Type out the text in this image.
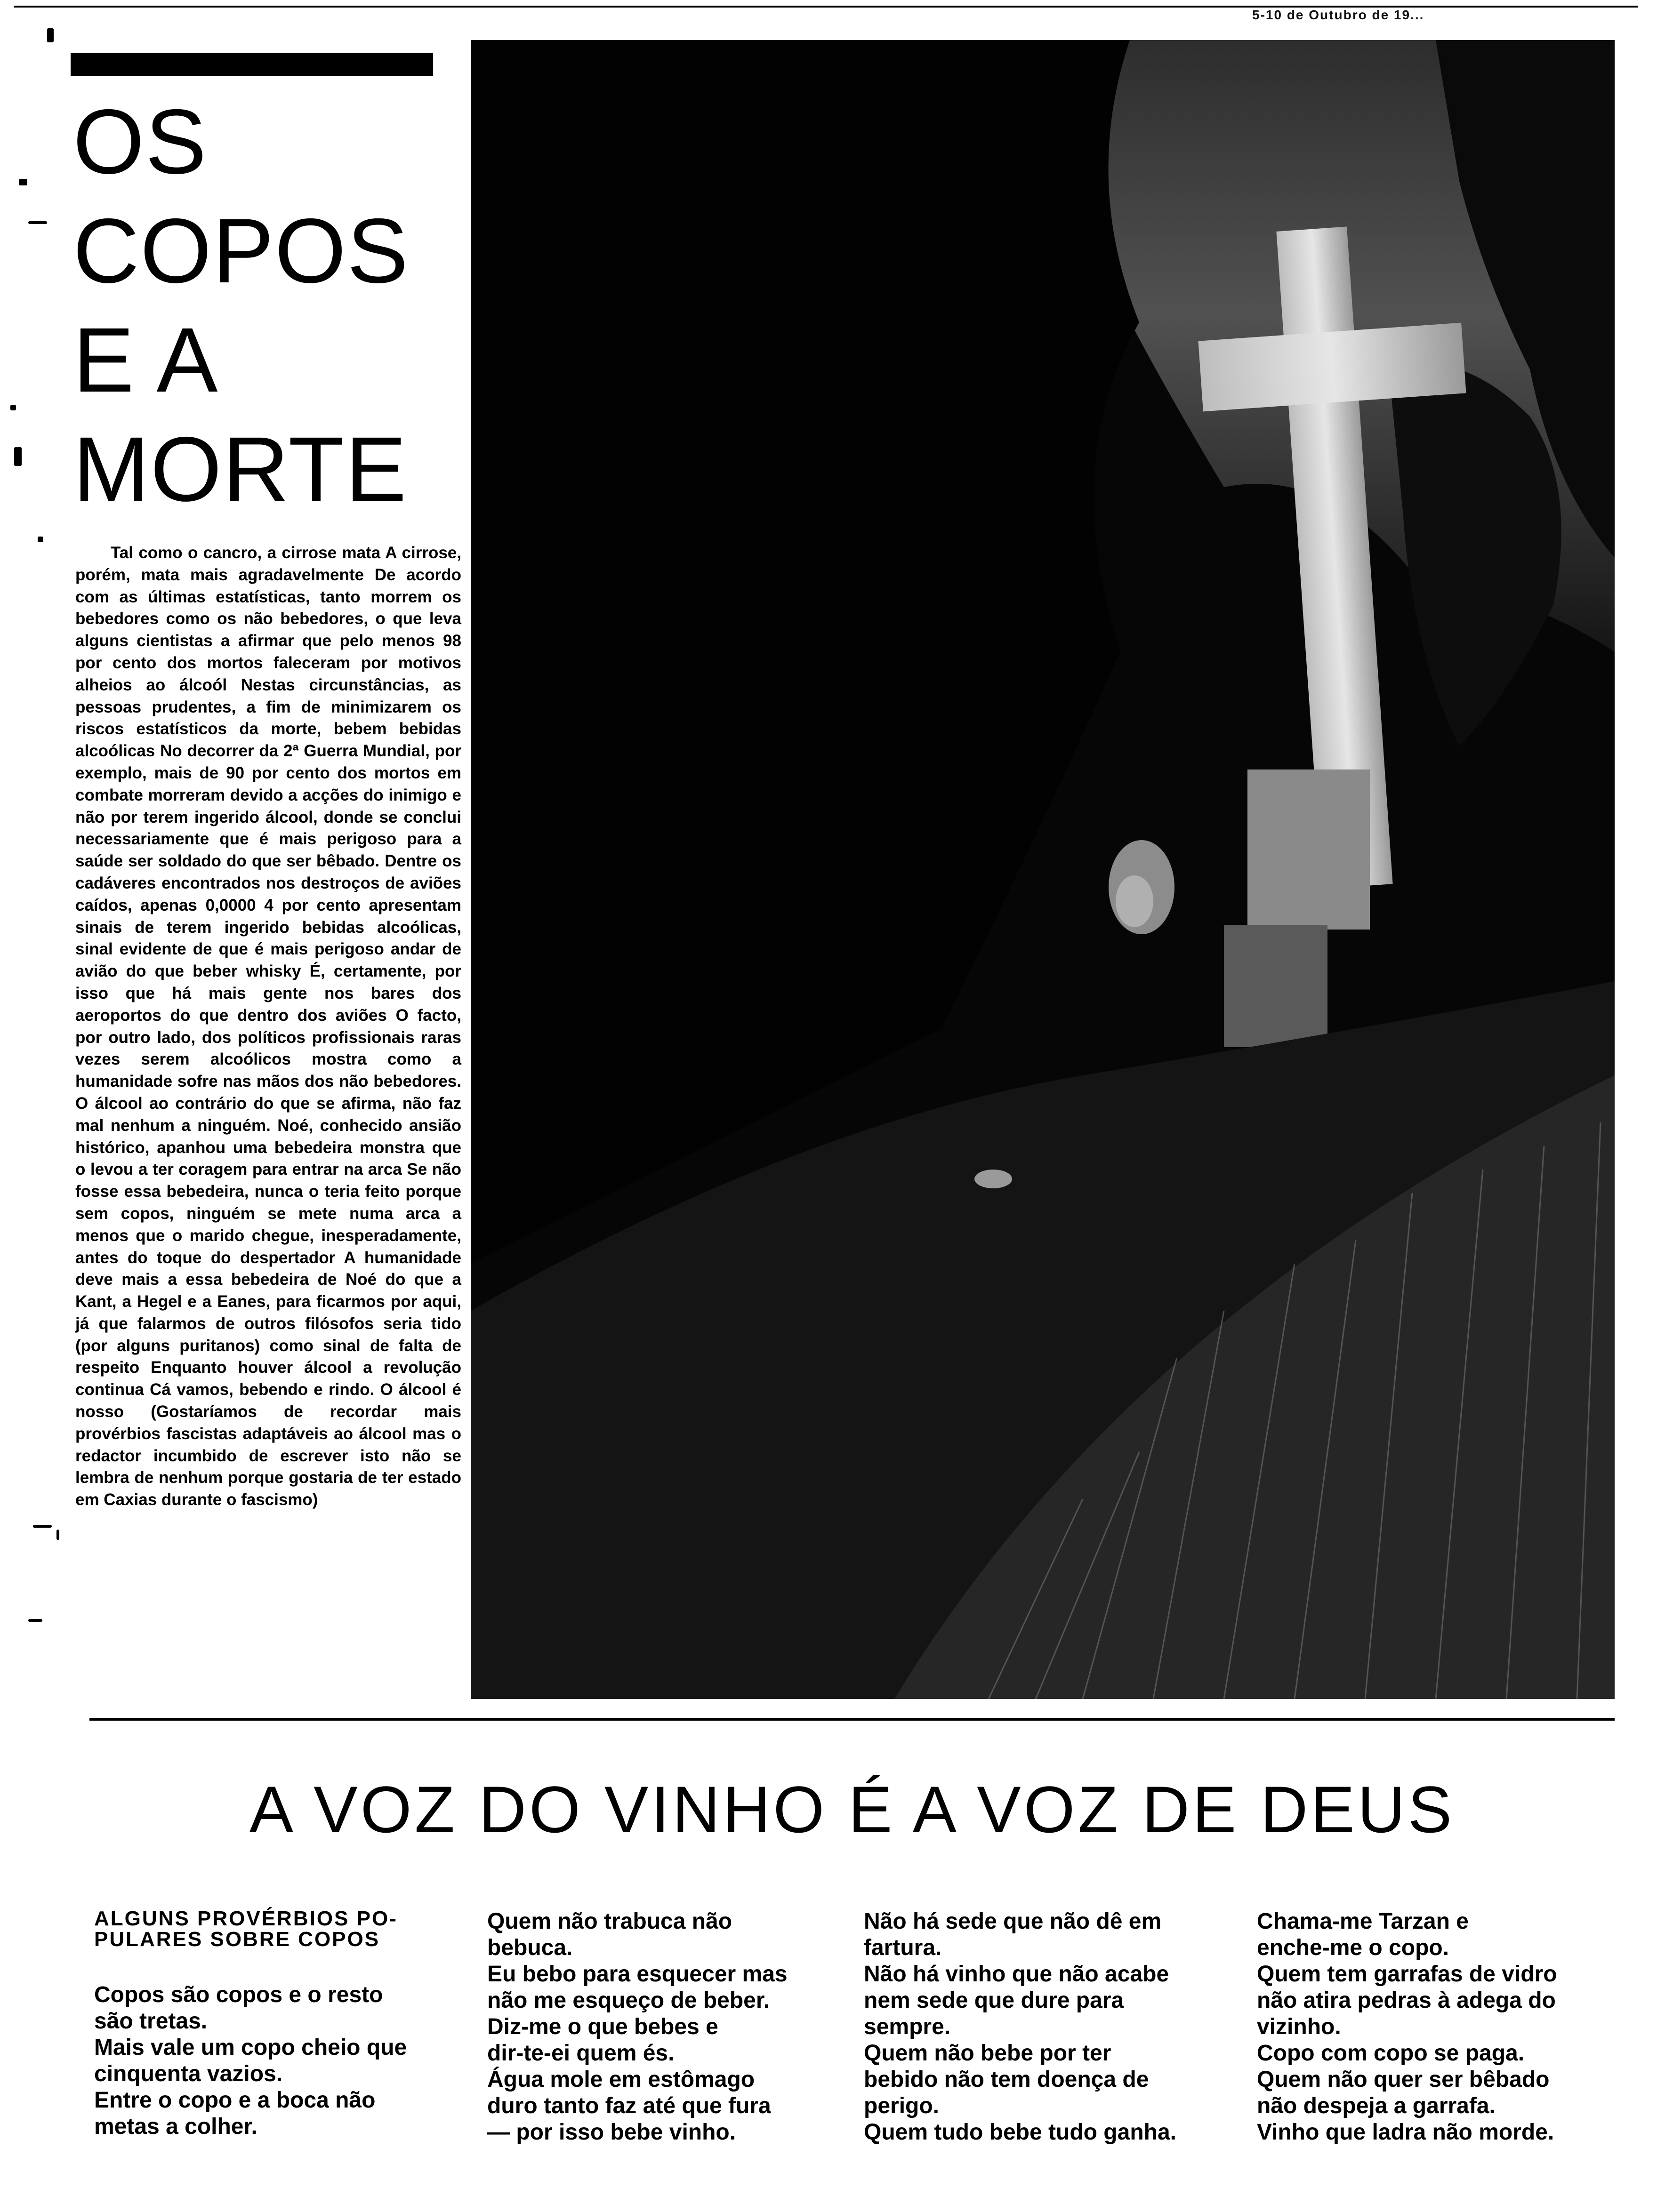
5-10 de Outubro de 19...
OS
COPOS
E A
MORTE
Tal como o cancro, a cirrose mata A cirrose, porém, mata mais agradavelmente De acordo com as últimas estatísticas, tanto morrem os bebedores como os não bebedores, o que leva alguns cientistas a afirmar que pelo menos 98 por cento dos mortos faleceram por motivos alheios ao álcoól Nestas circunstâncias, as pessoas prudentes, a fim de minimizarem os riscos estatísticos da morte, bebem bebidas alcoólicas No decorrer da 2ª Guerra Mundial, por exemplo, mais de 90 por cento dos mortos em combate morreram devido a acções do inimigo e não por terem ingerido álcool, donde se conclui necessariamente que é mais perigoso para a saúde ser soldado do que ser bêbado. Dentre os cadáveres encontrados nos destroços de aviões caídos, apenas 0,0000 4 por cento apresentam sinais de terem ingerido bebidas alcoólicas, sinal evidente de que é mais perigoso andar de avião do que beber whisky É, certamente, por isso que há mais gente nos bares dos aeroportos do que dentro dos aviões O facto, por outro lado, dos políticos profissionais raras vezes serem alcoólicos mostra como a humanidade sofre nas mãos dos não bebedores. O álcool ao contrário do que se afirma, não faz mal nenhum a ninguém. Noé, conhecido ansião histórico, apanhou uma bebedeira monstra que o levou a ter coragem para entrar na arca Se não fosse essa bebedeira, nunca o teria feito porque sem copos, ninguém se mete numa arca a menos que o marido chegue, inesperadamente, antes do toque do despertador A humanidade deve mais a essa bebedeira de Noé do que a Kant, a Hegel e a Eanes, para ficarmos por aqui, já que falarmos de outros filósofos seria tido (por alguns puritanos) como sinal de falta de respeito Enquanto houver álcool a revolução continua Cá vamos, bebendo e rindo. O álcool é nosso (Gostaríamos de recordar mais provérbios fascistas adaptáveis ao álcool mas o redactor incumbido de escrever isto não se lembra de nenhum porque gostaria de ter estado em Caxias durante o fascismo)
A VOZ DO VINHO É A VOZ DE DEUS
ALGUNS PROVÉRBIOS PO-
PULARES SOBRE COPOS
Copos são copos e o resto
são tretas.
Mais vale um copo cheio que
cinquenta vazios.
Entre o copo e a boca não
metas a colher.
Quem não trabuca não
bebuca.
Eu bebo para esquecer mas
não me esqueço de beber.
Diz-me o que bebes e
dir-te-ei quem és.
Água mole em estômago
duro tanto faz até que fura
— por isso bebe vinho.
Não há sede que não dê em
fartura.
Não há vinho que não acabe
nem sede que dure para
sempre.
Quem não bebe por ter
bebido não tem doença de
perigo.
Quem tudo bebe tudo ganha.
Chama-me Tarzan e
enche-me o copo.
Quem tem garrafas de vidro
não atira pedras à adega do
vizinho.
Copo com copo se paga.
Quem não quer ser bêbado
não despeja a garrafa.
Vinho que ladra não morde.
